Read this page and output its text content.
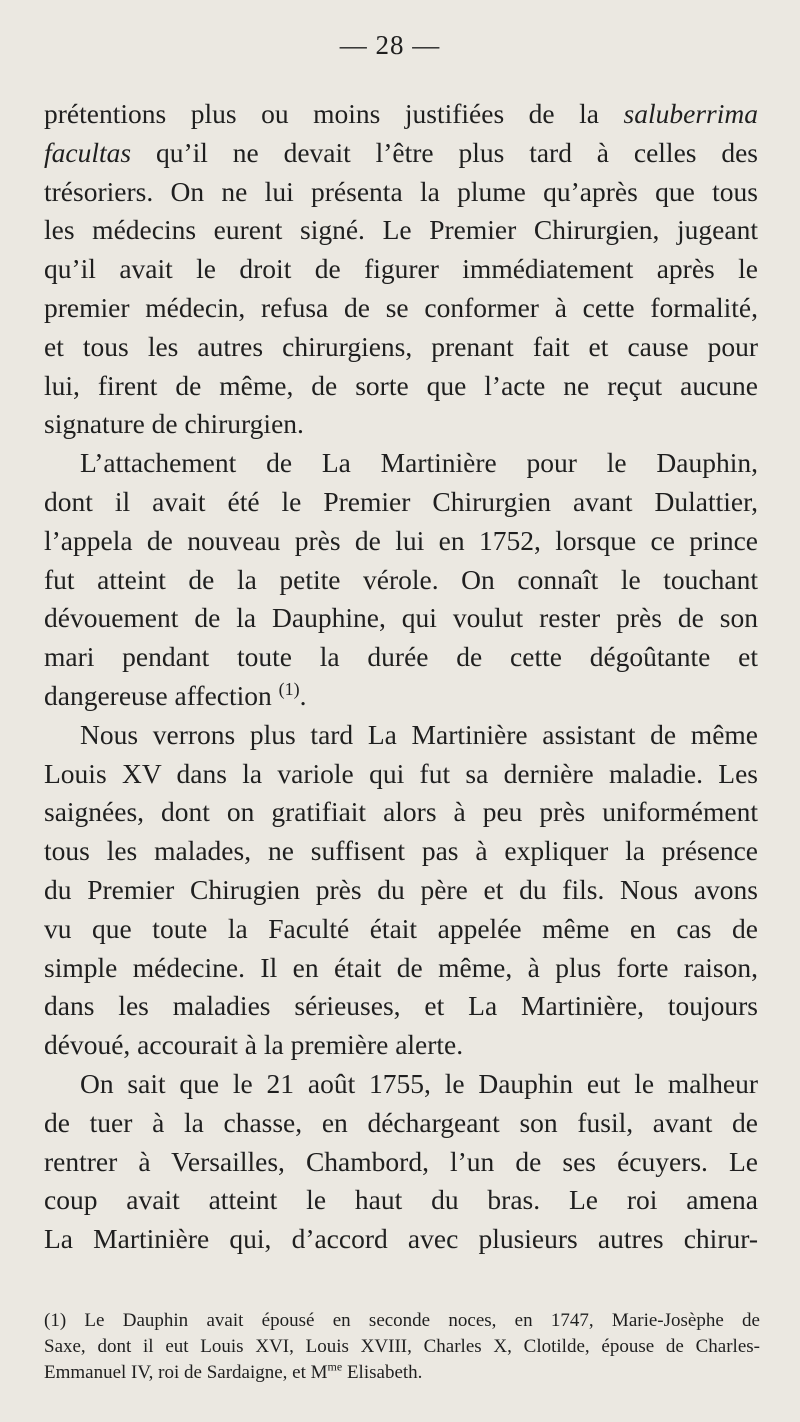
— 28 —
prétentions plus ou moins justifiées de la saluberrima
facultas qu’il ne devait l’être plus tard à celles des
trésoriers. On ne lui présenta la plume qu’après que tous
les médecins eurent signé. Le Premier Chirurgien, jugeant
qu’il avait le droit de figurer immédiatement après le
premier médecin, refusa de se conformer à cette formalité,
et tous les autres chirurgiens, prenant fait et cause pour
lui, firent de même, de sorte que l’acte ne reçut aucune
signature de chirurgien.
L’attachement de La Martinière pour le Dauphin,
dont il avait été le Premier Chirurgien avant Dulattier,
l’appela de nouveau près de lui en 1752, lorsque ce prince
fut atteint de la petite vérole. On connaît le touchant
dévouement de la Dauphine, qui voulut rester près de son
mari pendant toute la durée de cette dégoûtante et
dangereuse affection $^{(1)}$.
Nous verrons plus tard La Martinière assistant de même
Louis XV dans la variole qui fut sa dernière maladie. Les
saignées, dont on gratifiait alors à peu près uniformément
tous les malades, ne suffisent pas à expliquer la présence
du Premier Chirugien près du père et du fils. Nous avons
vu que toute la Faculté était appelée même en cas de
simple médecine. Il en était de même, à plus forte raison,
dans les maladies sérieuses, et La Martinière, toujours
dévoué, accourait à la première alerte.
On sait que le 21 août 1755, le Dauphin eut le malheur
de tuer à la chasse, en déchargeant son fusil, avant de
rentrer à Versailles, Chambord, l’un de ses écuyers. Le
coup avait atteint le haut du bras. Le roi amena
La Martinière qui, d’accord avec plusieurs autres chirur-
(1) Le Dauphin avait épousé en seconde noces, en 1747, Marie-Josèphe de
Saxe, dont il eut Louis XVI, Louis XVIII, Charles X, Clotilde, épouse de Charles-
Emmanuel IV, roi de Sardaigne, et $M^{me}$ Elisabeth.
